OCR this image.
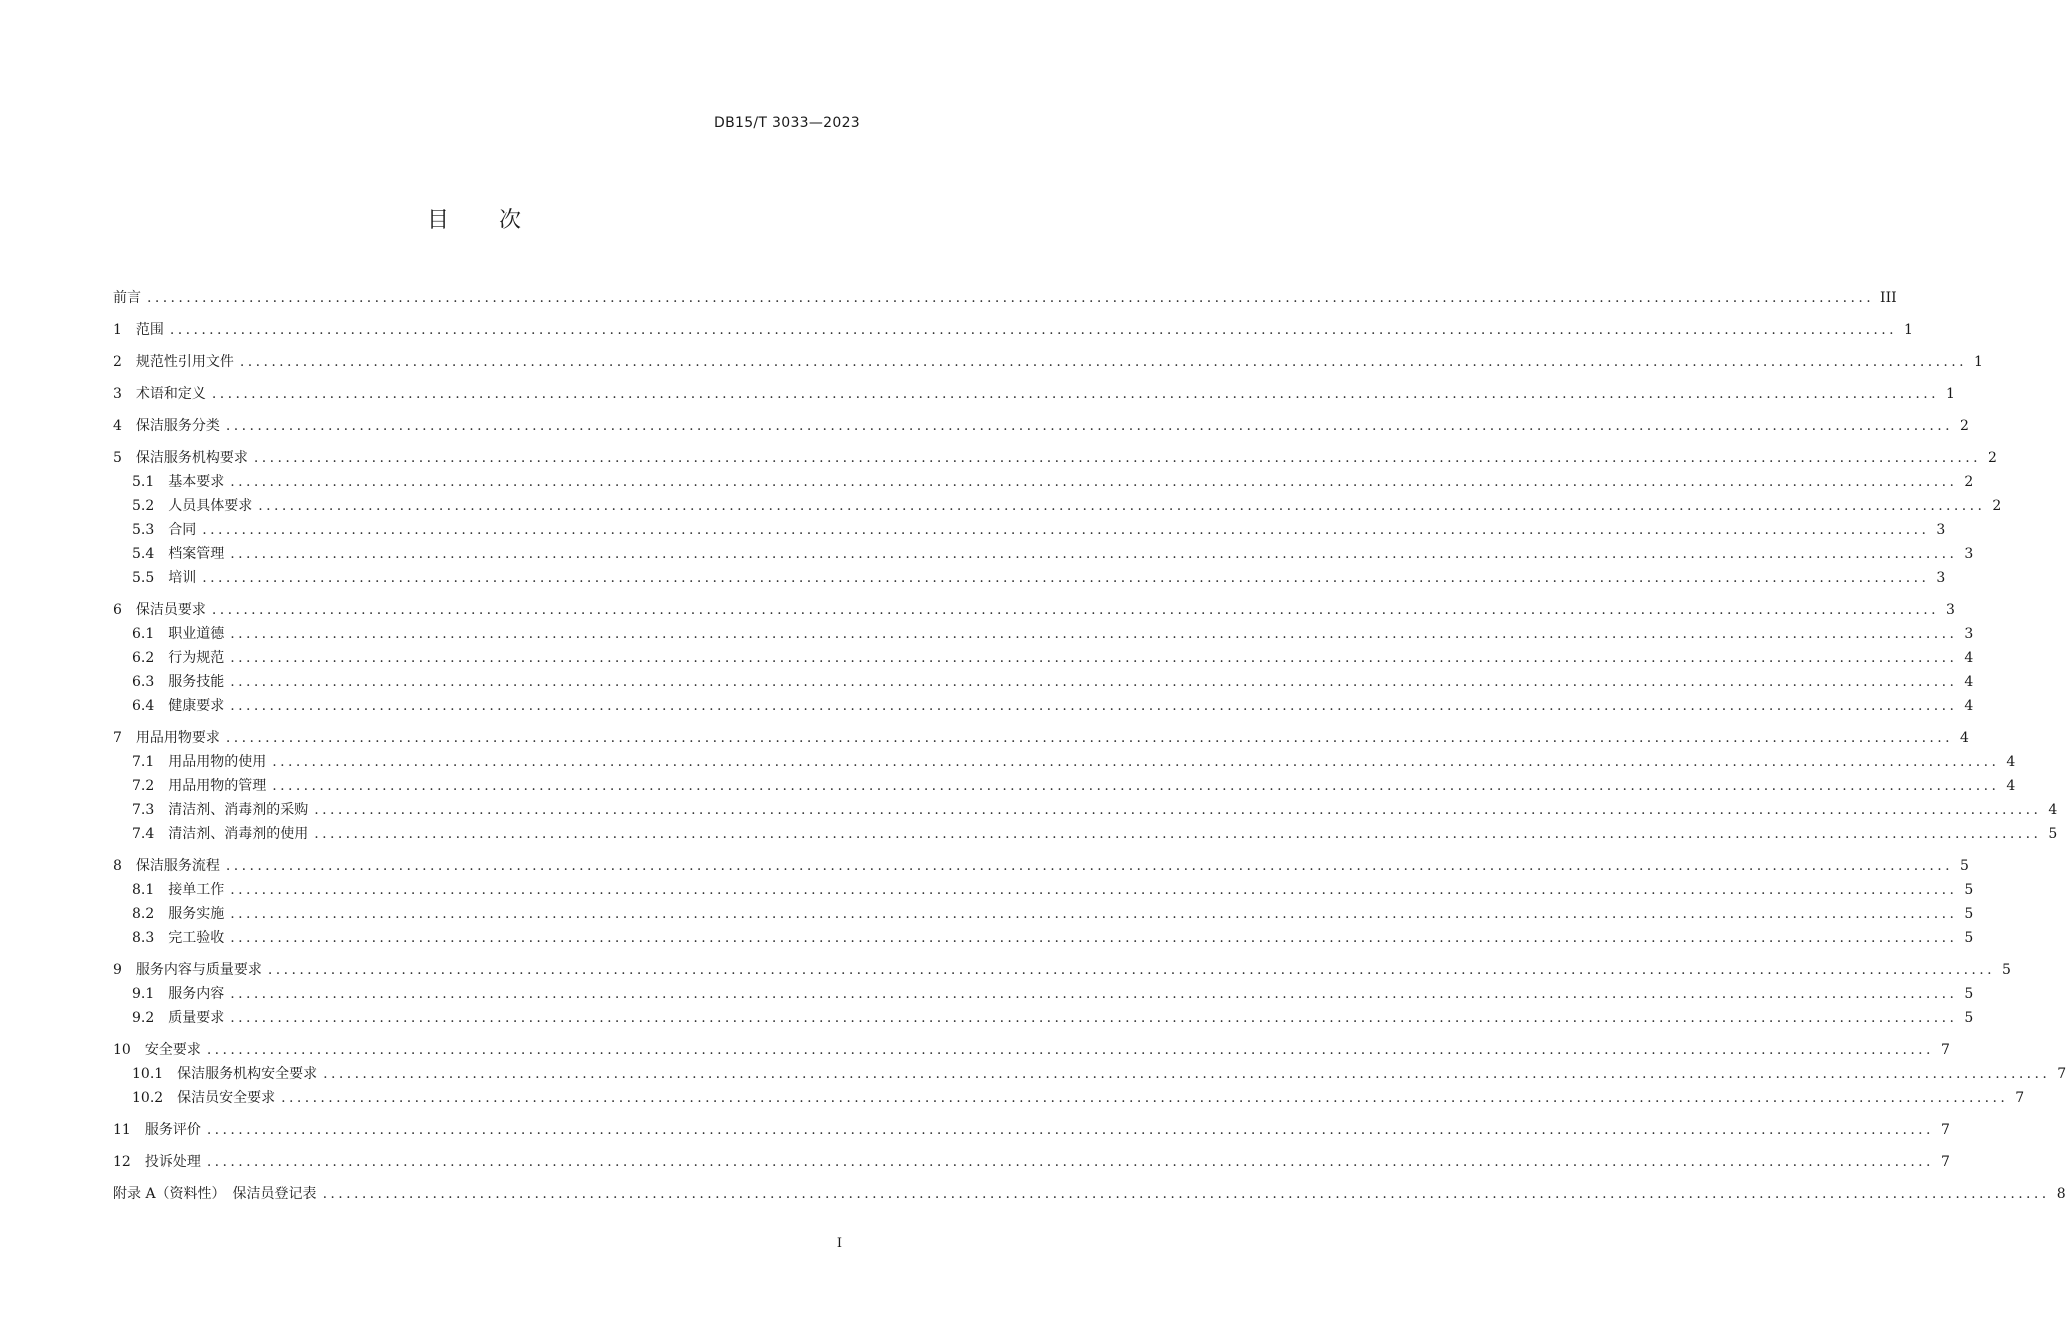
DB15/T 3033—2023
目 次
前言 ............................................................................................................................................................................................................................ III
1 范围 ............................................................................................................................................................................................................................ 1
2 规范性引用文件 ............................................................................................................................................................................................................................ 1
3 术语和定义 ............................................................................................................................................................................................................................ 1
4 保洁服务分类 ............................................................................................................................................................................................................................ 2
5 保洁服务机构要求 ............................................................................................................................................................................................................................ 2
5.1 基本要求 ............................................................................................................................................................................................................................ 2
5.2 人员具体要求 ............................................................................................................................................................................................................................ 2
5.3 合同 ............................................................................................................................................................................................................................ 3
5.4 档案管理 ............................................................................................................................................................................................................................ 3
5.5 培训 ............................................................................................................................................................................................................................ 3
6 保洁员要求 ............................................................................................................................................................................................................................ 3
6.1 职业道德 ............................................................................................................................................................................................................................ 3
6.2 行为规范 ............................................................................................................................................................................................................................ 4
6.3 服务技能 ............................................................................................................................................................................................................................ 4
6.4 健康要求 ............................................................................................................................................................................................................................ 4
7 用品用物要求 ............................................................................................................................................................................................................................ 4
7.1 用品用物的使用 ............................................................................................................................................................................................................................ 4
7.2 用品用物的管理 ............................................................................................................................................................................................................................ 4
7.3 清洁剂、消毒剂的采购 ............................................................................................................................................................................................................................ 4
7.4 清洁剂、消毒剂的使用 ............................................................................................................................................................................................................................ 5
8 保洁服务流程 ............................................................................................................................................................................................................................ 5
8.1 接单工作 ............................................................................................................................................................................................................................ 5
8.2 服务实施 ............................................................................................................................................................................................................................ 5
8.3 完工验收 ............................................................................................................................................................................................................................ 5
9 服务内容与质量要求 ............................................................................................................................................................................................................................ 5
9.1 服务内容 ............................................................................................................................................................................................................................ 5
9.2 质量要求 ............................................................................................................................................................................................................................ 5
10 安全要求 ............................................................................................................................................................................................................................ 7
10.1 保洁服务机构安全要求 ............................................................................................................................................................................................................................ 7
10.2 保洁员安全要求 ............................................................................................................................................................................................................................ 7
11 服务评价 ............................................................................................................................................................................................................................ 7
12 投诉处理 ............................................................................................................................................................................................................................ 7
附录 A（资料性）　保洁员登记表 ............................................................................................................................................................................................................................ 8
I
